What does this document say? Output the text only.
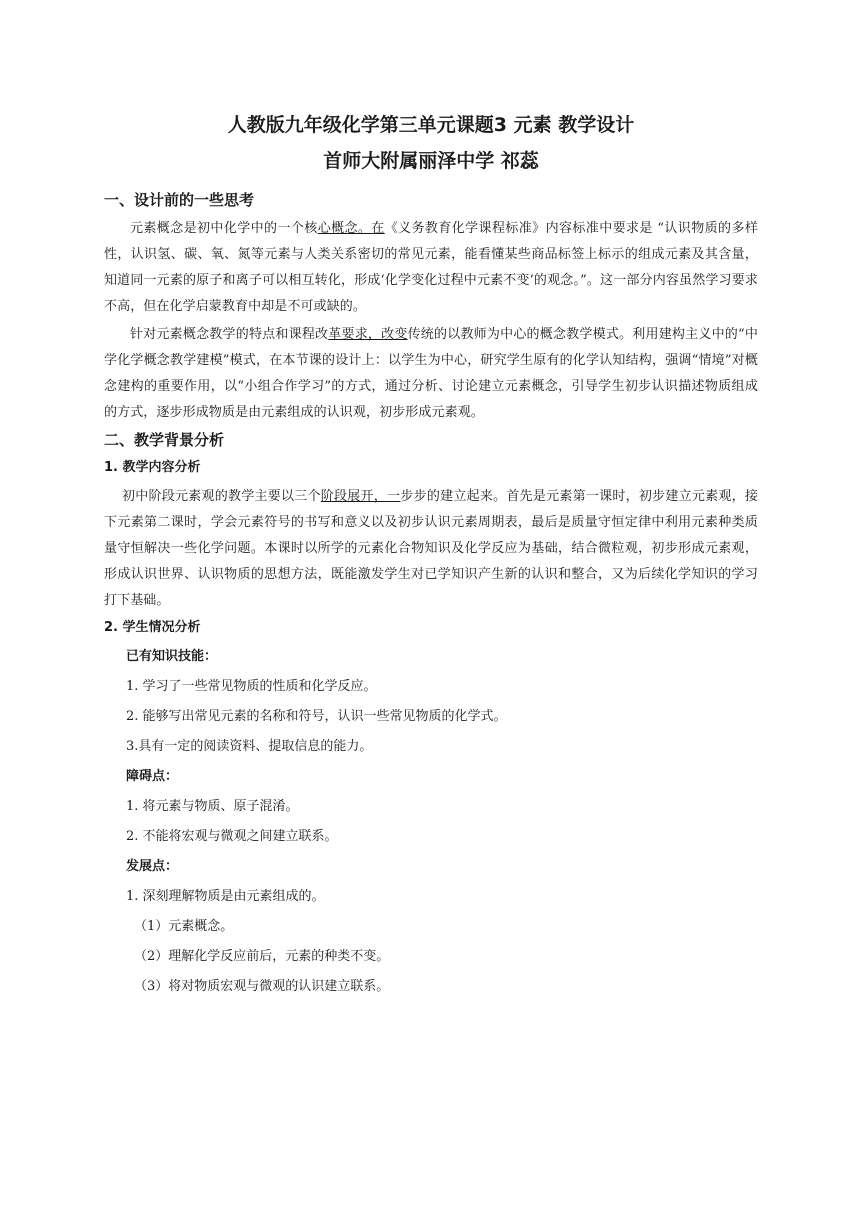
人教版九年级化学第三单元课题3 元素 教学设计
首师大附属丽泽中学 祁蕊
一、设计前的一些思考

元素概念是初中化学中的一个核心概念。在《义务教育化学课程标准》内容标准中要求是 “认识物质的多样性，认识氢、碳、氧、氮等元素与人类关系密切的常见元素，能看懂某些商品标签上标示的组成元素及其含量，知道同一元素的原子和离子可以相互转化，形成‘化学变化过程中元素不变’的观念。”。这一部分内容虽然学习要求不高，但在化学启蒙教育中却是不可或缺的。

针对元素概念教学的特点和课程改革要求，改变传统的以教师为中心的概念教学模式。利用建构主义中的“中学化学概念教学建模”模式，在本节课的设计上：以学生为中心，研究学生原有的化学认知结构，强调“情境”对概念建构的重要作用，以“小组合作学习”的方式，通过分析、讨论建立元素概念，引导学生初步认识描述物质组成的方式，逐步形成物质是由元素组成的认识观，初步形成元素观。

二、教学背景分析
1. 教学内容分析

初中阶段元素观的教学主要以三个阶段展开，一步步的建立起来。首先是元素第一课时，初步建立元素观，接下元素第二课时，学会元素符号的书写和意义以及初步认识元素周期表，最后是质量守恒定律中利用元素种类质量守恒解决一些化学问题。本课时以所学的元素化合物知识及化学反应为基础，结合微粒观，初步形成元素观，形成认识世界、认识物质的思想方法，既能激发学生对已学知识产生新的认识和整合，又为后续化学知识的学习打下基础。

2. 学生情况分析
已有知识技能：
1. 学习了一些常见物质的性质和化学反应。
2. 能够写出常见元素的名称和符号，认识一些常见物质的化学式。
3.具有一定的阅读资料、提取信息的能力。
障碍点：
1. 将元素与物质、原子混淆。
2. 不能将宏观与微观之间建立联系。
发展点：
1. 深刻理解物质是由元素组成的。
（1）元素概念。
（2）理解化学反应前后，元素的种类不变。
（3）将对物质宏观与微观的认识建立联系。
